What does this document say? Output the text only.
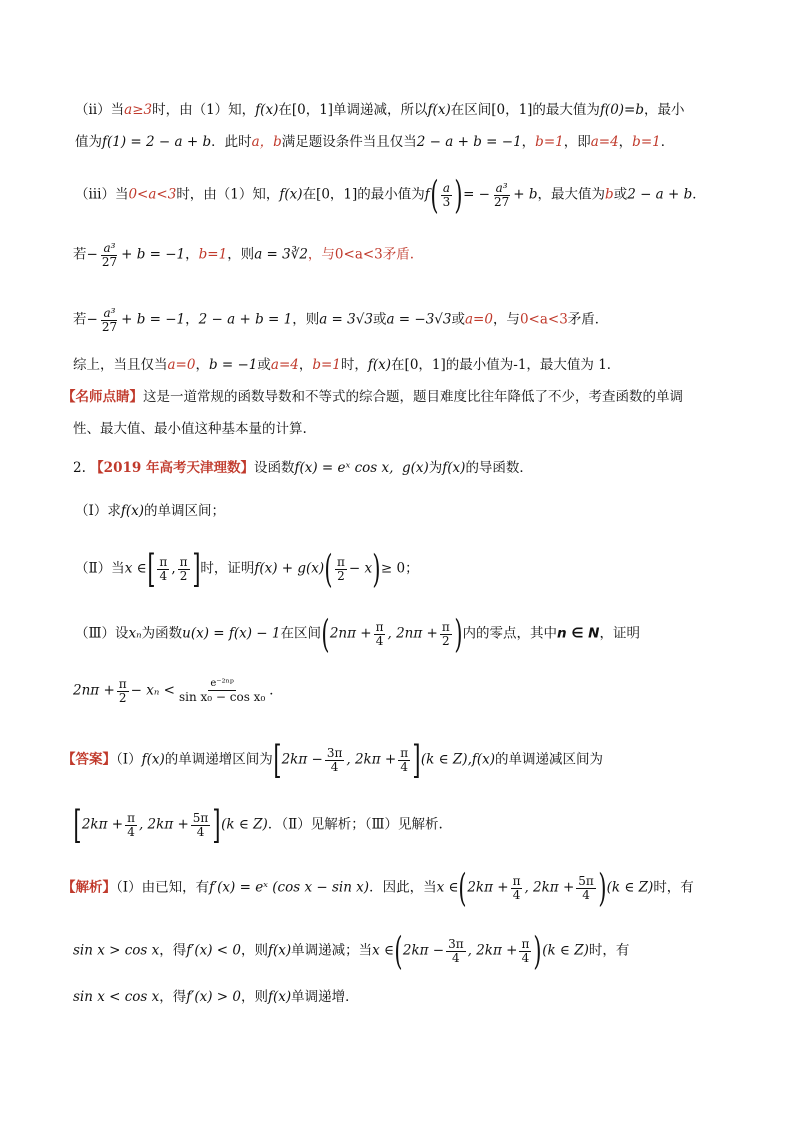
（ⅱ）当a≥3时，由（1）知，f(x)在[0，1]单调递减，所以f(x)在区间[0，1]的最大值为f(0)=b，最小
值为f(1) = 2 − a + b．此时a，b满足题设条件当且仅当2 − a + b = −1，b=1，即a=4，b=1．
（ⅲ）当0<a<3时，由（1）知，f(x)在[0，1]的最小值为$f( \frac{a}{3}$ )= − $\frac{\text{a³}}{27} + b$，最大值为b或2 − a + b．
若− $\frac{\text{a³}}{27} + b = -1$，b=1，则a = 3∛2，与0<a<3矛盾.
若− $\frac{\text{a³}}{27} + b = -1$，2 − a + b = 1，则a = 3√3或a = −3√3或a=0，与0<a<3矛盾．
综上，当且仅当a=0，b = −1或a=4，b=1时，f(x)在[0，1]的最小值为-1，最大值为 1．
【名师点睛】这是一道常规的函数导数和不等式的综合题，题目难度比往年降低了不少，考查函数的单调
性、最大值、最小值这种基本量的计算.
2. 【2019 年高考天津理数】设函数f(x) = eˣ cos x, g(x)为f(x)的导函数．
（Ⅰ）求f(x)的单调区间；
（Ⅱ）当x ∈[ $\frac{\pi}{4}$ , $\frac{\pi}{2}$ ]时，证明$f(x) + g(x)( \frac{\pi}{2} - x)\ge 0$；
（Ⅲ）设xₙ为函数u(x) = f(x) − 1在区间($2n\pi + \frac{\pi}{4}$ , $2n\pi + \frac{\pi}{2}$ )内的零点，其中n ∈ N，证明
$2n\pi + \frac{\pi}{2} - x_n < \frac{\text{e⁻²ⁿᵖ}}{\text{sin x₀ − cos x₀}}$ ．
【答案】（Ⅰ）f(x)的单调递增区间为[$2k\pi - \frac{3\pi}{4}$ , $2k\pi + \frac{\pi}{4} ](k$ ∈ Z),f(x)的单调递减区间为
[$2k\pi + \frac{\pi}{4}$ , $2k\pi + \frac{5\pi}{4} ](k$ ∈ Z)．（Ⅱ）见解析；（Ⅲ）见解析.
【解析】（Ⅰ）由已知，有f′(x) = eˣ (cos x − sin x)．因此，当x ∈(2kπ + $\frac{\pi}{4}$ , $2k\pi + \frac{5\pi}{4} )(k$ ∈ Z)时，有
sin x > cos x，得f′(x) < 0，则f(x)单调递减；当x ∈(2kπ − $\frac{3\pi}{4}$ , $2k\pi + \frac{\pi}{4} )(k$ ∈ Z)时，有
sin x < cos x，得f′(x) > 0，则f(x)单调递增．
